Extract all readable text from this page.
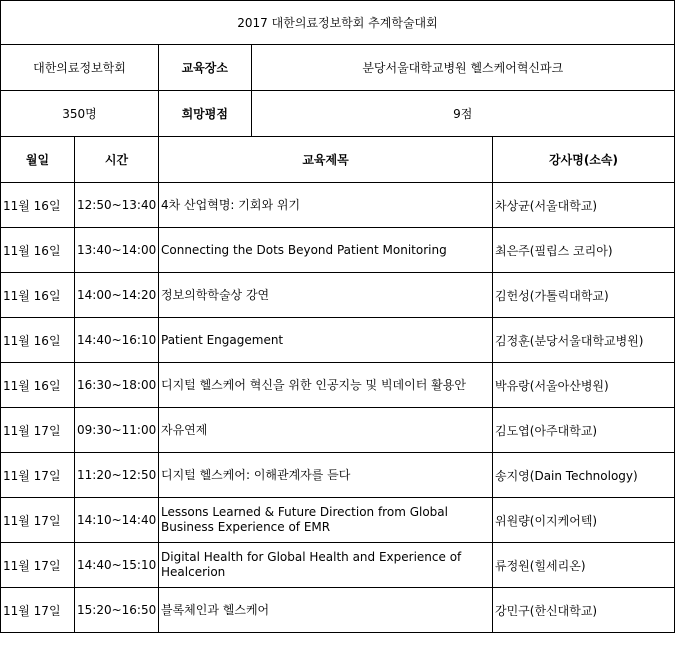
2017 대한의료정보학회 추계학술대회
대한의료정보학회		교육장소	분당서울대학교병원 헬스케어혁신파크

350명		희망평점	9점

월일	시간	교육제목	강사명(소속)
11월 16일	12:50~13:40	4차 산업혁명: 기회와 위기	차상균(서울대학교)
11월 16일	13:40~14:00	Connecting the Dots Beyond Patient Monitoring	최은주(필립스 코리아)
11월 16일	14:00~14:20	정보의학학술상 강연	김헌성(가톨릭대학교)
11월 16일	14:40~16:10	Patient Engagement	김정훈(분당서울대학교병원)
11월 16일	16:30~18:00	디지털 헬스케어 혁신을 위한 인공지능 및 빅데이터 활용안	박유랑(서울아산병원)
11월 17일	09:30~11:00	자유연제	김도엽(아주대학교)
11월 17일	11:20~12:50	디지털 헬스케어: 이해관계자를 듣다	송지영(Dain Technology)
11월 17일	14:10~14:40	Lessons Learned & Future Direction from Global Business Experience of EMR	위원량(이지케어텍)
11월 17일	14:40~15:10	Digital Health for Global Health and Experience of Healcerion	류정원(힐세리온)
11월 17일	15:20~16:50	블록체인과 헬스케어	강민구(한신대학교)
